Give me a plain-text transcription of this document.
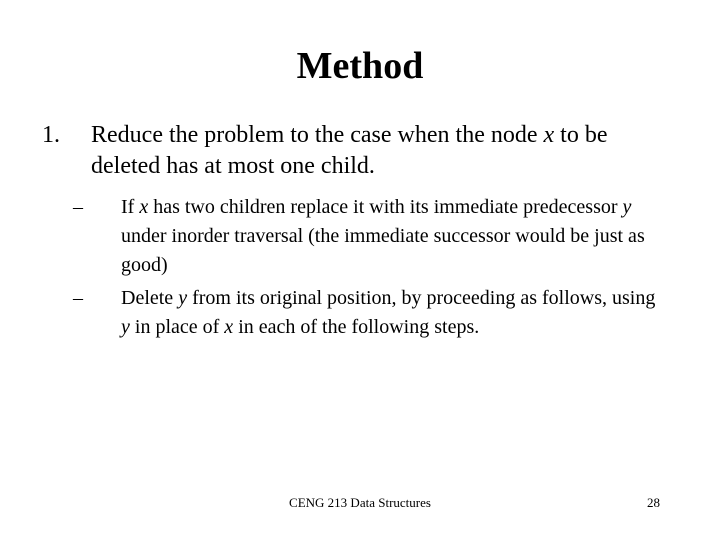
Method
1. Reduce the problem to the case when the node x to be deleted has at most one child.
– If x has two children replace it with its immediate predecessor y under inorder traversal (the immediate successor would be just as good)
– Delete y from its original position, by proceeding as follows, using y in place of x in each of the following steps.
CENG 213 Data Structures	28
